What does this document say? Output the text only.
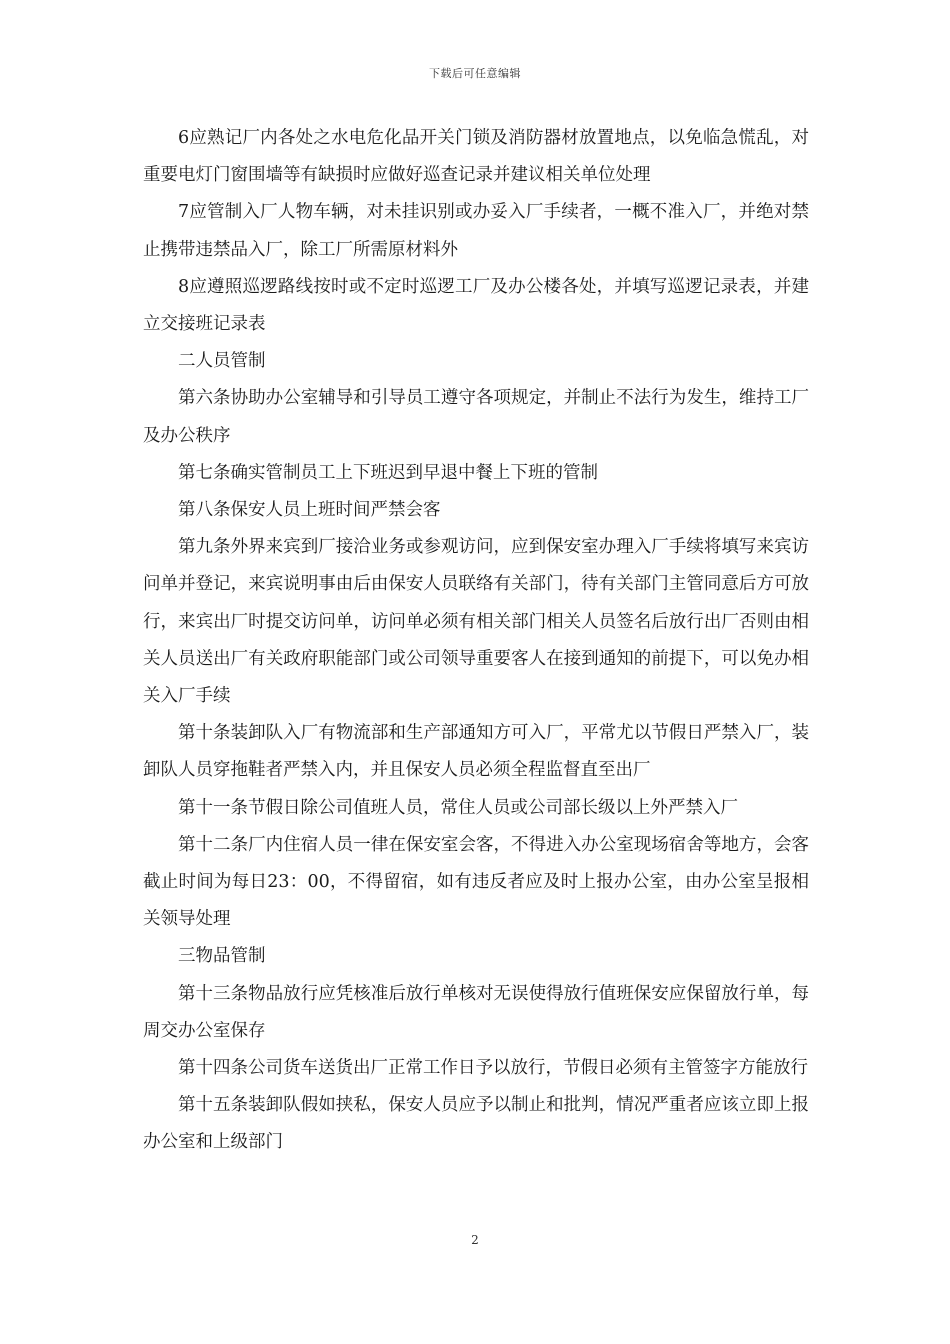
下载后可任意编辑

6应熟记厂内各处之水电危化品开关门锁及消防器材放置地点，以免临急慌乱，对重要电灯门窗围墙等有缺损时应做好巡查记录并建议相关单位处理

7应管制入厂人物车辆，对未挂识别或办妥入厂手续者，一概不准入厂，并绝对禁止携带违禁品入厂，除工厂所需原材料外

8应遵照巡逻路线按时或不定时巡逻工厂及办公楼各处，并填写巡逻记录表，并建立交接班记录表

二人员管制

第六条协助办公室辅导和引导员工遵守各项规定，并制止不法行为发生，维持工厂及办公秩序

第七条确实管制员工上下班迟到早退中餐上下班的管制

第八条保安人员上班时间严禁会客

第九条外界来宾到厂接洽业务或参观访问，应到保安室办理入厂手续将填写来宾访问单并登记，来宾说明事由后由保安人员联络有关部门，待有关部门主管同意后方可放行，来宾出厂时提交访问单，访问单必须有相关部门相关人员签名后放行出厂否则由相关人员送出厂有关政府职能部门或公司领导重要客人在接到通知的前提下，可以免办相关入厂手续

第十条装卸队入厂有物流部和生产部通知方可入厂，平常尤以节假日严禁入厂，装卸队人员穿拖鞋者严禁入内，并且保安人员必须全程监督直至出厂

第十一条节假日除公司值班人员，常住人员或公司部长级以上外严禁入厂

第十二条厂内住宿人员一律在保安室会客，不得进入办公室现场宿舍等地方，会客截止时间为每日23：00，不得留宿，如有违反者应及时上报办公室，由办公室呈报相关领导处理

三物品管制

第十三条物品放行应凭核准后放行单核对无误使得放行值班保安应保留放行单，每周交办公室保存

第十四条公司货车送货出厂正常工作日予以放行，节假日必须有主管签字方能放行

第十五条装卸队假如挟私，保安人员应予以制止和批判，情况严重者应该立即上报办公室和上级部门

2
